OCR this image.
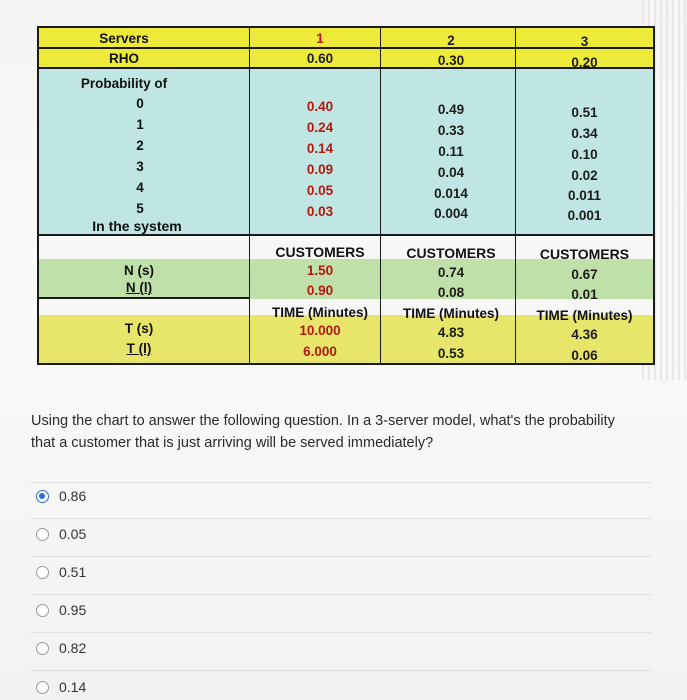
Servers
RHO
Probability of
0
1
2
3
4
5
In the system
N (s)
N (l)
T (s)
T (l)
1
0.60
0.40
0.24
0.14
0.09
0.05
0.03
CUSTOMERS
1.50
0.90
TIME (Minutes)
10.000
6.000
2
0.30
0.49
0.33
0.11
0.04
0.014
0.004
CUSTOMERS
0.74
0.08
TIME (Minutes)
4.83
0.53
3
0.20
0.51
0.34
0.10
0.02
0.011
0.001
CUSTOMERS
0.67
0.01
TIME (Minutes)
4.36
0.06
Using the chart to answer the following question. In a 3-server model, what's the probability that a customer that is just arriving will be served immediately?
0.86
0.05
0.51
0.95
0.82
0.14
